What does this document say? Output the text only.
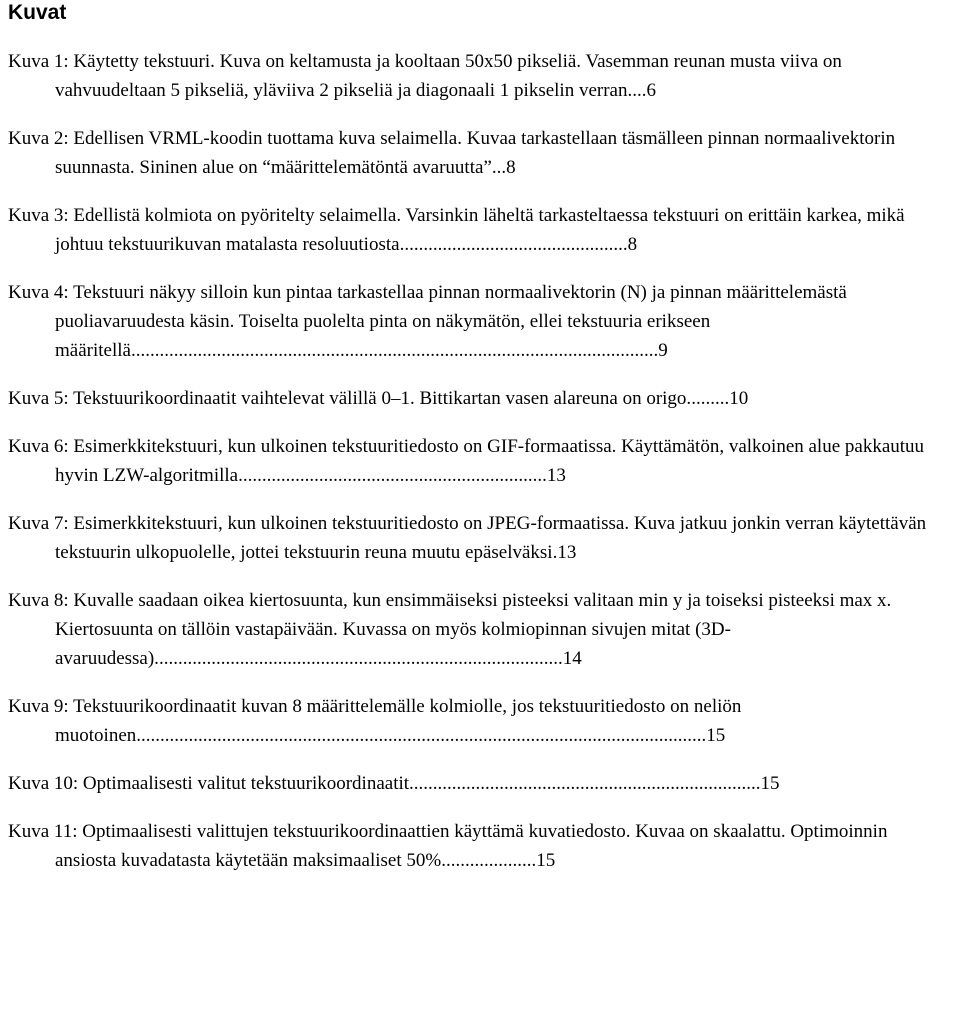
Kuvat
Kuva 1: Käytetty tekstuuri. Kuva on keltamusta ja kooltaan 50x50 pikseliä. Vasemman reunan musta viiva on vahvuudeltaan 5 pikseliä, yläviiva 2 pikseliä ja diagonaali 1 pikselin verran....6
Kuva 2: Edellisen VRML-koodin tuottama kuva selaimella. Kuvaa tarkastellaan täsmälleen pinnan normaalivektorin suunnasta. Sininen alue on “määrittelemätöntä avaruutta”...8
Kuva 3: Edellistä kolmiota on pyöritelty selaimella. Varsinkin läheltä tarkasteltaessa tekstuuri on erittäin karkea, mikä johtuu tekstuurikuvan matalasta resoluutiosta................................................8
Kuva 4: Tekstuuri näkyy silloin kun pintaa tarkastellaa pinnan normaalivektorin (N) ja pinnan määrittelemästä puoliavaruudesta käsin. Toiselta puolelta pinta on näkymätön, ellei tekstuuria erikseen määritellä...............................................................................................................9
Kuva 5: Tekstuurikoordinaatit vaihtelevat välillä 0–1. Bittikartan vasen alareuna on origo.........10
Kuva 6: Esimerkkitekstuuri, kun ulkoinen tekstuuritiedosto on GIF-formaatissa. Käyttämätön, valkoinen alue pakkautuu hyvin LZW-algoritmilla.................................................................13
Kuva 7: Esimerkkitekstuuri, kun ulkoinen tekstuuritiedosto on JPEG-formaatissa. Kuva jatkuu jonkin verran käytettävän tekstuurin ulkopuolelle, jottei tekstuurin reuna muutu epäselväksi.13
Kuva 8: Kuvalle saadaan oikea kiertosuunta, kun ensimmäiseksi pisteeksi valitaan min y ja toiseksi pisteeksi max x. Kiertosuunta on tällöin vastapäivään. Kuvassa on myös kolmiopinnan sivujen mitat (3D-avaruudessa)......................................................................................14
Kuva 9: Tekstuurikoordinaatit kuvan 8 määrittelemälle kolmiolle, jos tekstuuritiedosto on neliön muotoinen........................................................................................................................15
Kuva 10: Optimaalisesti valitut tekstuurikoordinaatit..........................................................................15
Kuva 11: Optimaalisesti valittujen tekstuurikoordinaattien käyttämä kuvatiedosto. Kuvaa on skaalattu. Optimoinnin ansiosta kuvadatasta käytetään maksimaaliset 50%....................15
